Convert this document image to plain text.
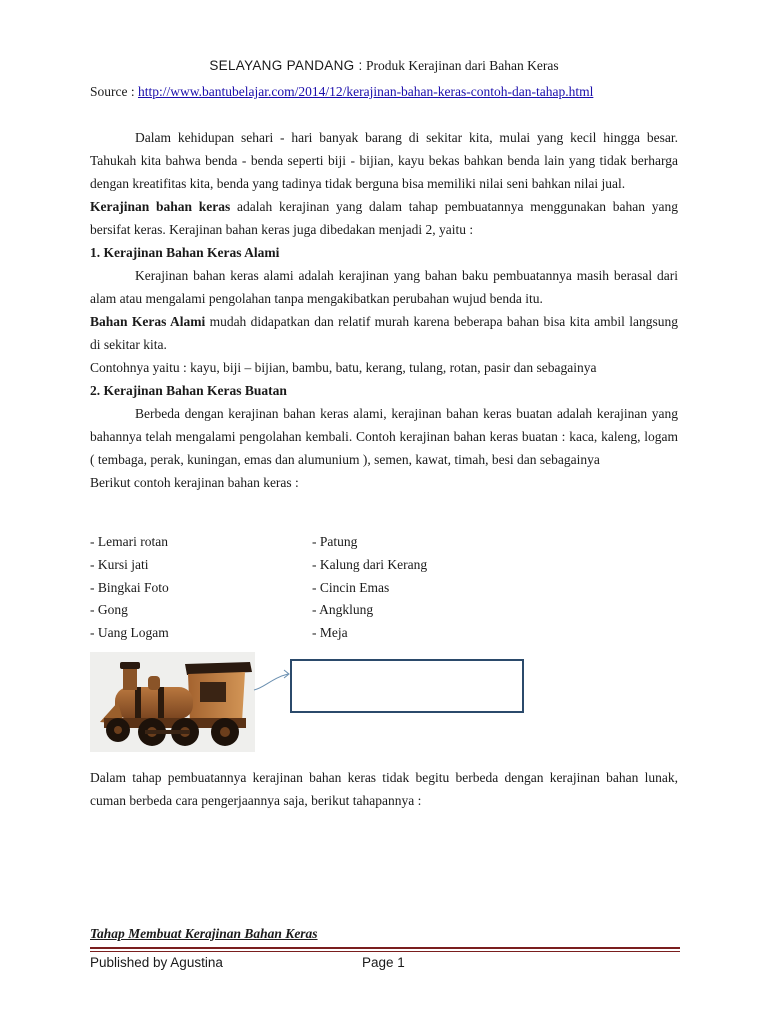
SELAYANG PANDANG : Produk Kerajinan dari Bahan Keras
Source : http://www.bantubelajar.com/2014/12/kerajinan-bahan-keras-contoh-dan-tahap.html

Dalam kehidupan sehari - hari banyak barang di sekitar kita, mulai yang kecil hingga besar. Tahukah kita bahwa benda - benda seperti biji - bijian, kayu bekas bahkan benda lain yang tidak berharga dengan kreatifitas kita, benda yang tadinya tidak berguna bisa memiliki nilai seni bahkan nilai jual.

Kerajinan bahan keras adalah kerajinan yang dalam tahap pembuatannya menggunakan bahan yang bersifat keras. Kerajinan bahan keras juga dibedakan menjadi 2, yaitu :

1. Kerajinan Bahan Keras Alami

Kerajinan bahan keras alami adalah kerajinan yang bahan baku pembuatannya masih berasal dari alam atau mengalami pengolahan tanpa mengakibatkan perubahan wujud benda itu.

Bahan Keras Alami mudah didapatkan dan relatif murah karena beberapa bahan bisa kita ambil langsung di sekitar kita.

Contohnya yaitu : kayu, biji – bijian, bambu, batu, kerang, tulang, rotan, pasir dan sebagainya

2. Kerajinan Bahan Keras Buatan

Berbeda dengan kerajinan bahan keras alami, kerajinan bahan keras buatan adalah kerajinan yang bahannya telah mengalami pengolahan kembali. Contoh kerajinan bahan keras buatan : kaca, kaleng, logam ( tembaga, perak, kuningan, emas dan alumunium ), semen, kawat, timah, besi dan sebagainya

Berikut contoh kerajinan bahan keras :

- Lemari rotan	- Patung
- Kursi jati	- Kalung dari Kerang
- Bingkai Foto	- Cincin Emas
- Gong	- Angklung
- Uang Logam	- Meja
Dalam tahap pembuatannya kerajinan bahan keras tidak begitu berbeda dengan kerajinan bahan lunak, cuman berbeda cara pengerjaannya saja, berikut tahapannya :
Tahap Membuat Kerajinan Bahan Keras
Published by Agustina	Page 1
